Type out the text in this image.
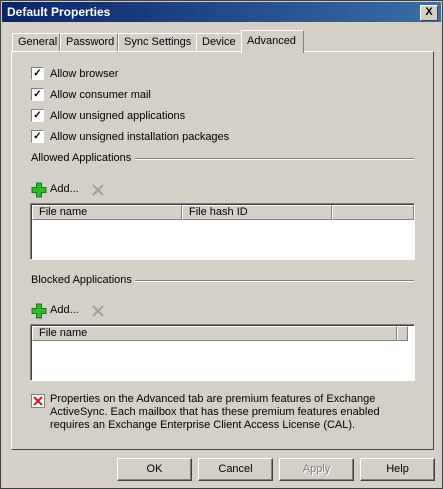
Default Properties	X
General Password Sync Settings Device	Advanced
✓ Allow browser
✓ Allow consumer mail
✓ Allow unsigned applications
✓ Allow unsigned installation packages
Allowed Applications
Add...
File name	File hash ID
Blocked Applications
Add...
File name
Properties on the Advanced tab are premium features of Exchange ActiveSync. Each mailbox that has these premium features enabled requires an Exchange Enterprise Client Access License (CAL).
OK	Cancel	Apply	Help
